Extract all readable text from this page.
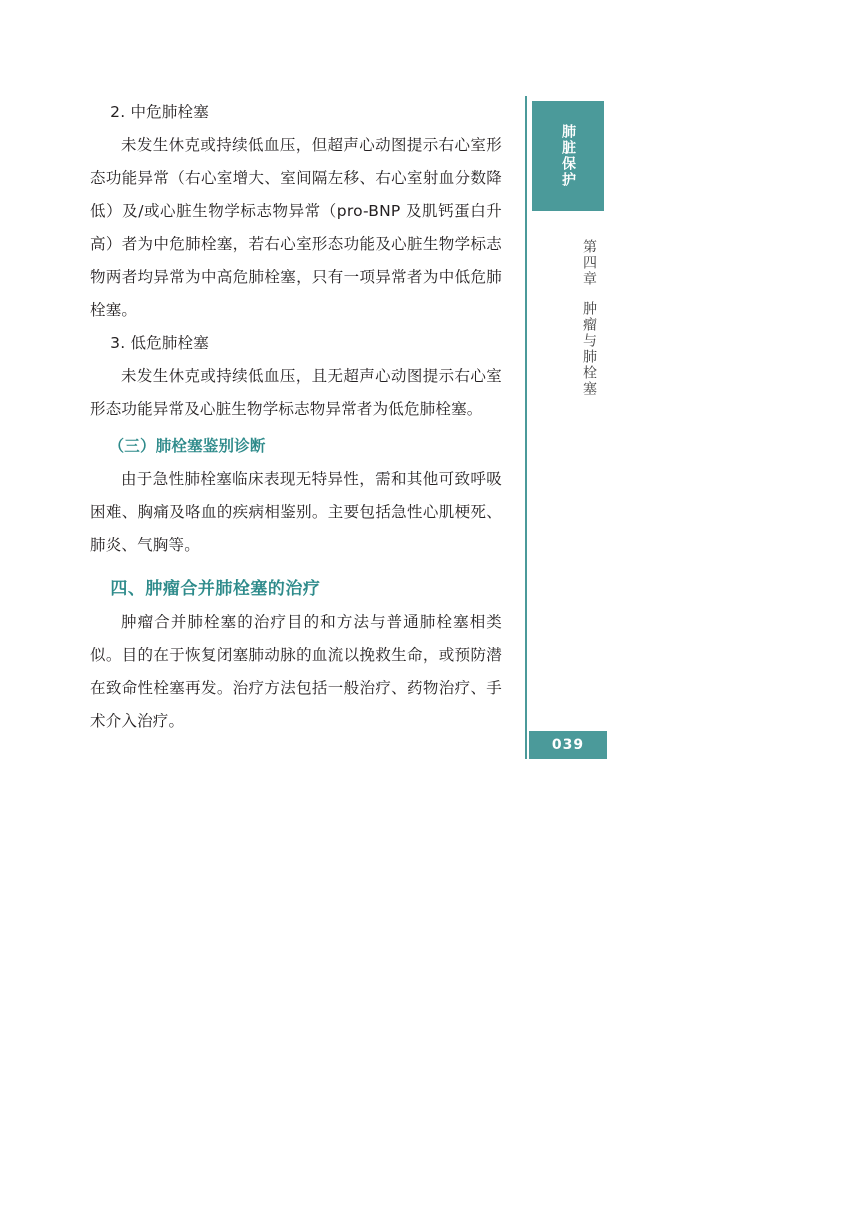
2. 中危肺栓塞

未发生休克或持续低血压，但超声心动图提示右心室形态功能异常（右心室增大、室间隔左移、右心室射血分数降低）及/或心脏生物学标志物异常（pro-BNP 及肌钙蛋白升高）者为中危肺栓塞，若右心室形态功能及心脏生物学标志物两者均异常为中高危肺栓塞，只有一项异常者为中低危肺栓塞。

3. 低危肺栓塞

未发生休克或持续低血压，且无超声心动图提示右心室形态功能异常及心脏生物学标志物异常者为低危肺栓塞。

（三）肺栓塞鉴别诊断

由于急性肺栓塞临床表现无特异性，需和其他可致呼吸困难、胸痛及咯血的疾病相鉴别。主要包括急性心肌梗死、肺炎、气胸等。

四、肿瘤合并肺栓塞的治疗

肿瘤合并肺栓塞的治疗目的和方法与普通肺栓塞相类似。目的在于恢复闭塞肺动脉的血流以挽救生命，或预防潜在致命性栓塞再发。治疗方法包括一般治疗、药物治疗、手术介入治疗。

肺脏保护
第四章
肿瘤与肺栓塞
039
